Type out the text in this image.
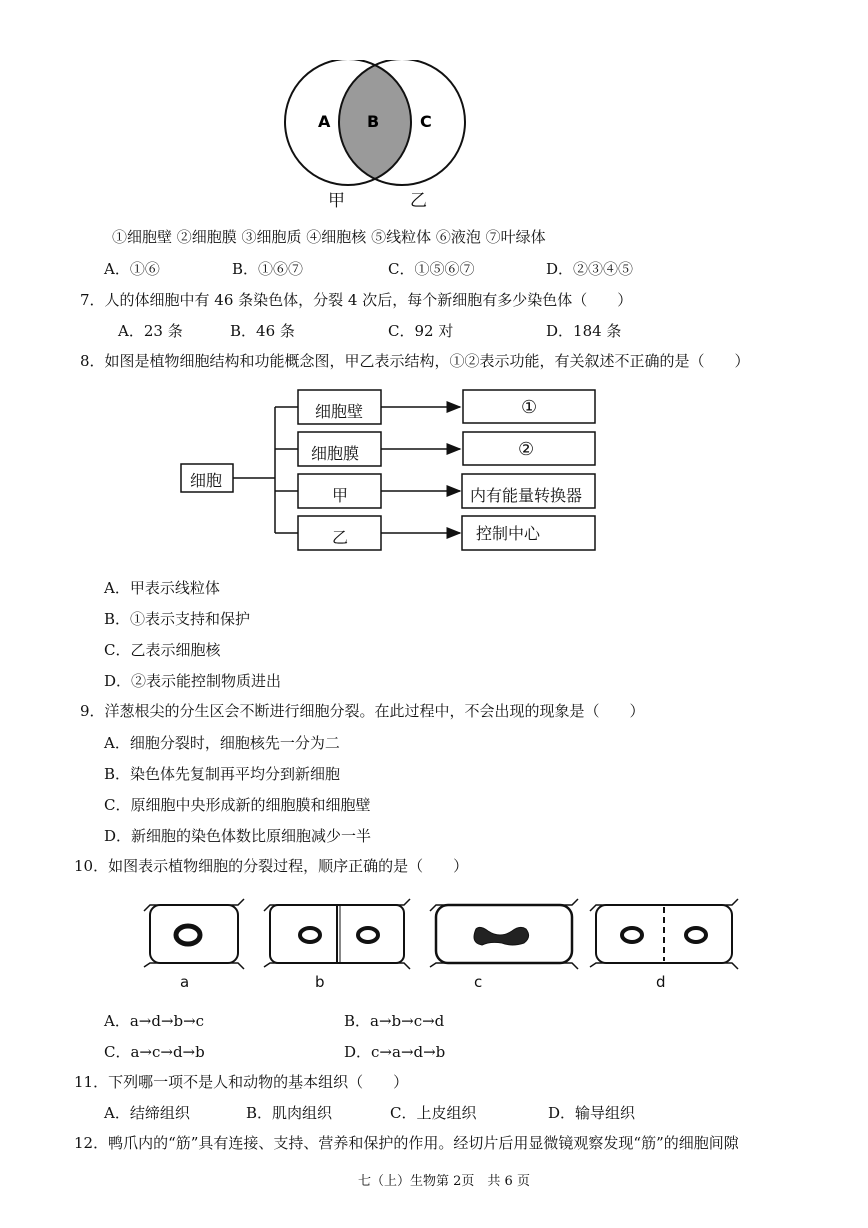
A B	C
甲	乙
①细胞壁 ②细胞膜 ③细胞质 ④细胞核 ⑤线粒体 ⑥液泡 ⑦叶绿体
A．①⑥	B．①⑥⑦	C．①⑤⑥⑦	D．②③④⑤
7．人的体细胞中有 46 条染色体，分裂 4 次后，每个新细胞有多少染色体（　　）
A．23 条	B．46 条	C．92 对	D．184 条
8．如图是植物细胞结构和功能概念图，甲乙表示结构，①②表示功能，有关叙述不正确的是（　　）
细胞
细胞壁
细胞膜
甲
乙
①
②
内有能量转换器
控制中心
A．甲表示线粒体
B．①表示支持和保护
C．乙表示细胞核
D．②表示能控制物质进出
9．洋葱根尖的分生区会不断进行细胞分裂。在此过程中，不会出现的现象是（　　）
A．细胞分裂时，细胞核先一分为二
B．染色体先复制再平均分到新细胞
C．原细胞中央形成新的细胞膜和细胞壁
D．新细胞的染色体数比原细胞减少一半
10．如图表示植物细胞的分裂过程，顺序正确的是（　　）
a	b	c	d
A．a→d→b→c	B．a→b→c→d
C．a→c→d→b	D．c→a→d→b
11．下列哪一项不是人和动物的基本组织（　　）
A．结缔组织	B．肌肉组织	C．上皮组织	D．输导组织
12．鸭爪内的“筋”具有连接、支持、营养和保护的作用。经切片后用显微镜观察发现“筋”的细胞间隙
七（上）生物第 2页　共 6 页
